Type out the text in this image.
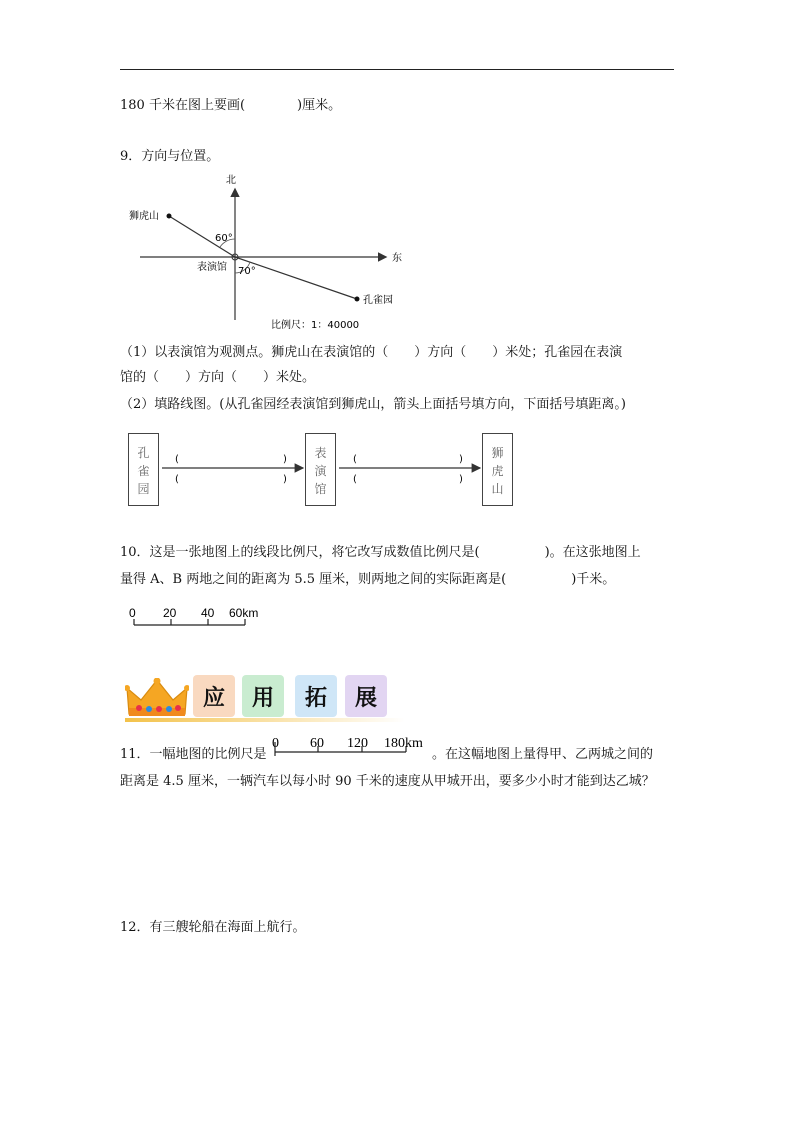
180 千米在图上要画(　　　　)厘米。
9．方向与位置。
北
东
狮虎山
表演馆
孔雀园
60°
70°
比例尺：1：40000
（1）以表演馆为观测点。狮虎山在表演馆的（　　）方向（　　）米处；孔雀园在表演
馆的（　　）方向（　　）米处。
（2）填路线图。(从孔雀园经表演馆到狮虎山，箭头上面括号填方向，下面括号填距离。)
孔雀园
表演馆
狮虎山
(	)
(	)
(	)
(	)
10．这是一张地图上的线段比例尺，将它改写成数值比例尺是(　　　　　)。在这张地图上
量得 A、B 两地之间的距离为 5.5 厘米，则两地之间的实际距离是(　　　　　)千米。
0 20 40 60km
应	用	拓	展
11．一幅地图的比例尺是
0 60 120 180km
。在这幅地图上量得甲、乙两城之间的
距离是 4.5 厘米，一辆汽车以每小时 90 千米的速度从甲城开出，要多少小时才能到达乙城？
12．有三艘轮船在海面上航行。
